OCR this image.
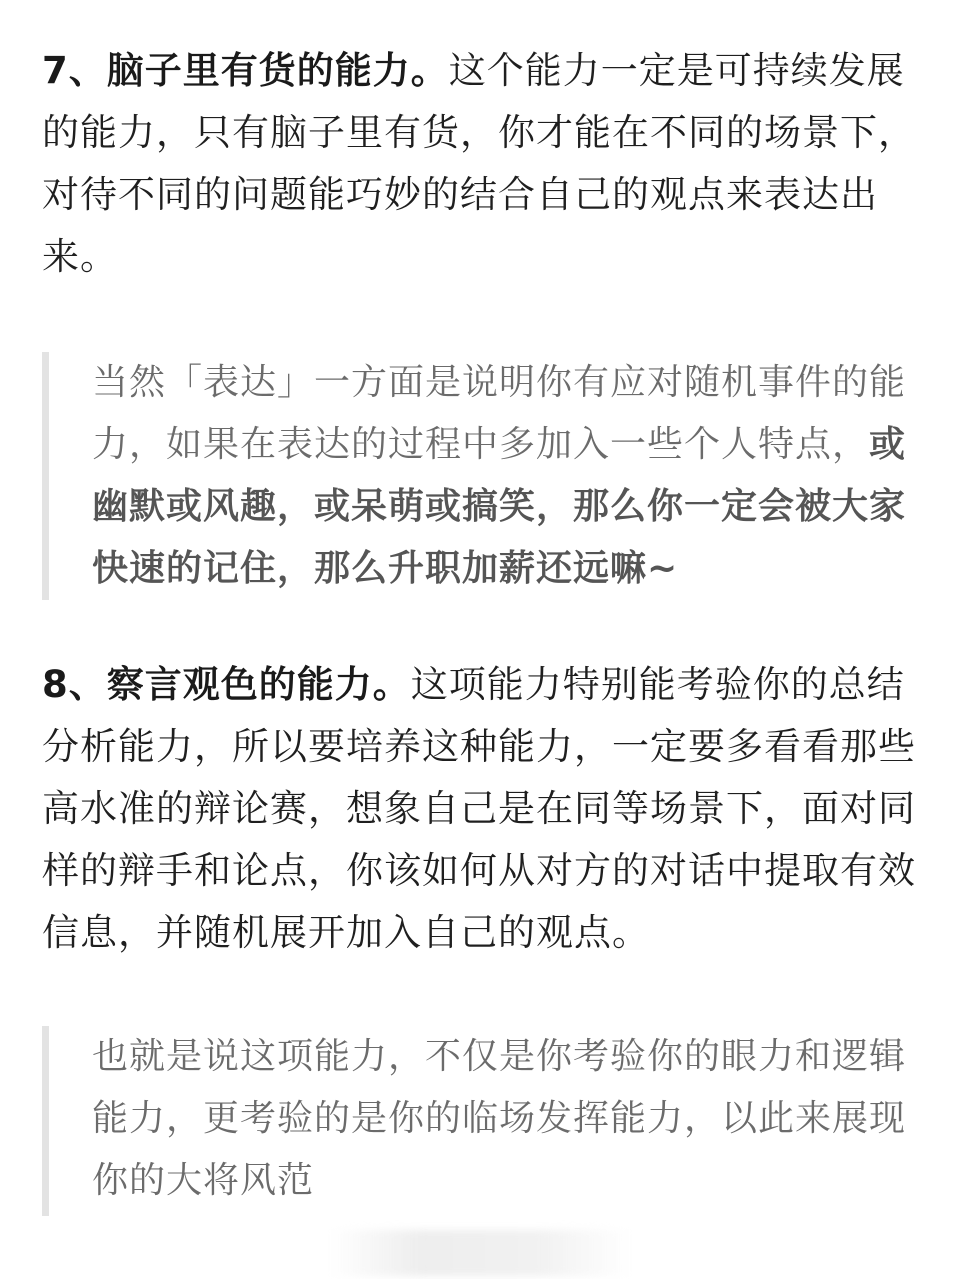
7、脑子里有货的能力。这个能力一定是可持续发展的能力，只有脑子里有货，你才能在不同的场景下，对待不同的问题能巧妙的结合自己的观点来表达出来。

当然「表达」一方面是说明你有应对随机事件的能力，如果在表达的过程中多加入一些个人特点，或幽默或风趣，或呆萌或搞笑，那么你一定会被大家快速的记住，那么升职加薪还远嘛~

8、察言观色的能力。这项能力特别能考验你的总结分析能力，所以要培养这种能力，一定要多看看那些高水准的辩论赛，想象自己是在同等场景下，面对同样的辩手和论点，你该如何从对方的对话中提取有效信息，并随机展开加入自己的观点。

也就是说这项能力，不仅是你考验你的眼力和逻辑能力，更考验的是你的临场发挥能力，以此来展现你的大将风范
